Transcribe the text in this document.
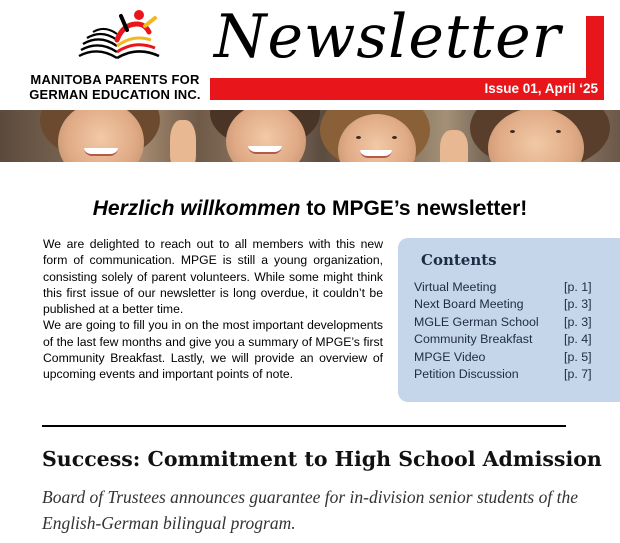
MANITOBA PARENTS FOR
GERMAN EDUCATION INC.
Newsletter
Issue 01, April ‘25
Herzlich willkommen to MPGE’s newsletter!

We are delighted to reach out to all members with this new form of communication. MPGE is still a young organization, consisting solely of parent volunteers. While some might think this first issue of our newsletter is long overdue, it couldn’t be published at a better time.

We are going to fill you in on the most important developments of the last few months and give you a summary of MPGE’s first Community Breakfast. Lastly, we will provide an overview of upcoming events and important points of note.

Contents
Virtual Meeting	[p. 1]
Next Board Meeting	[p. 3]
MGLE German School [p. 3]
Community Breakfast	[p. 4]
MPGE Video	[p. 5]
Petition Discussion	[p. 7]
Success: Commitment to High School Admission
Board of Trustees announces guarantee for in-division senior students of the English-German bilingual program.
